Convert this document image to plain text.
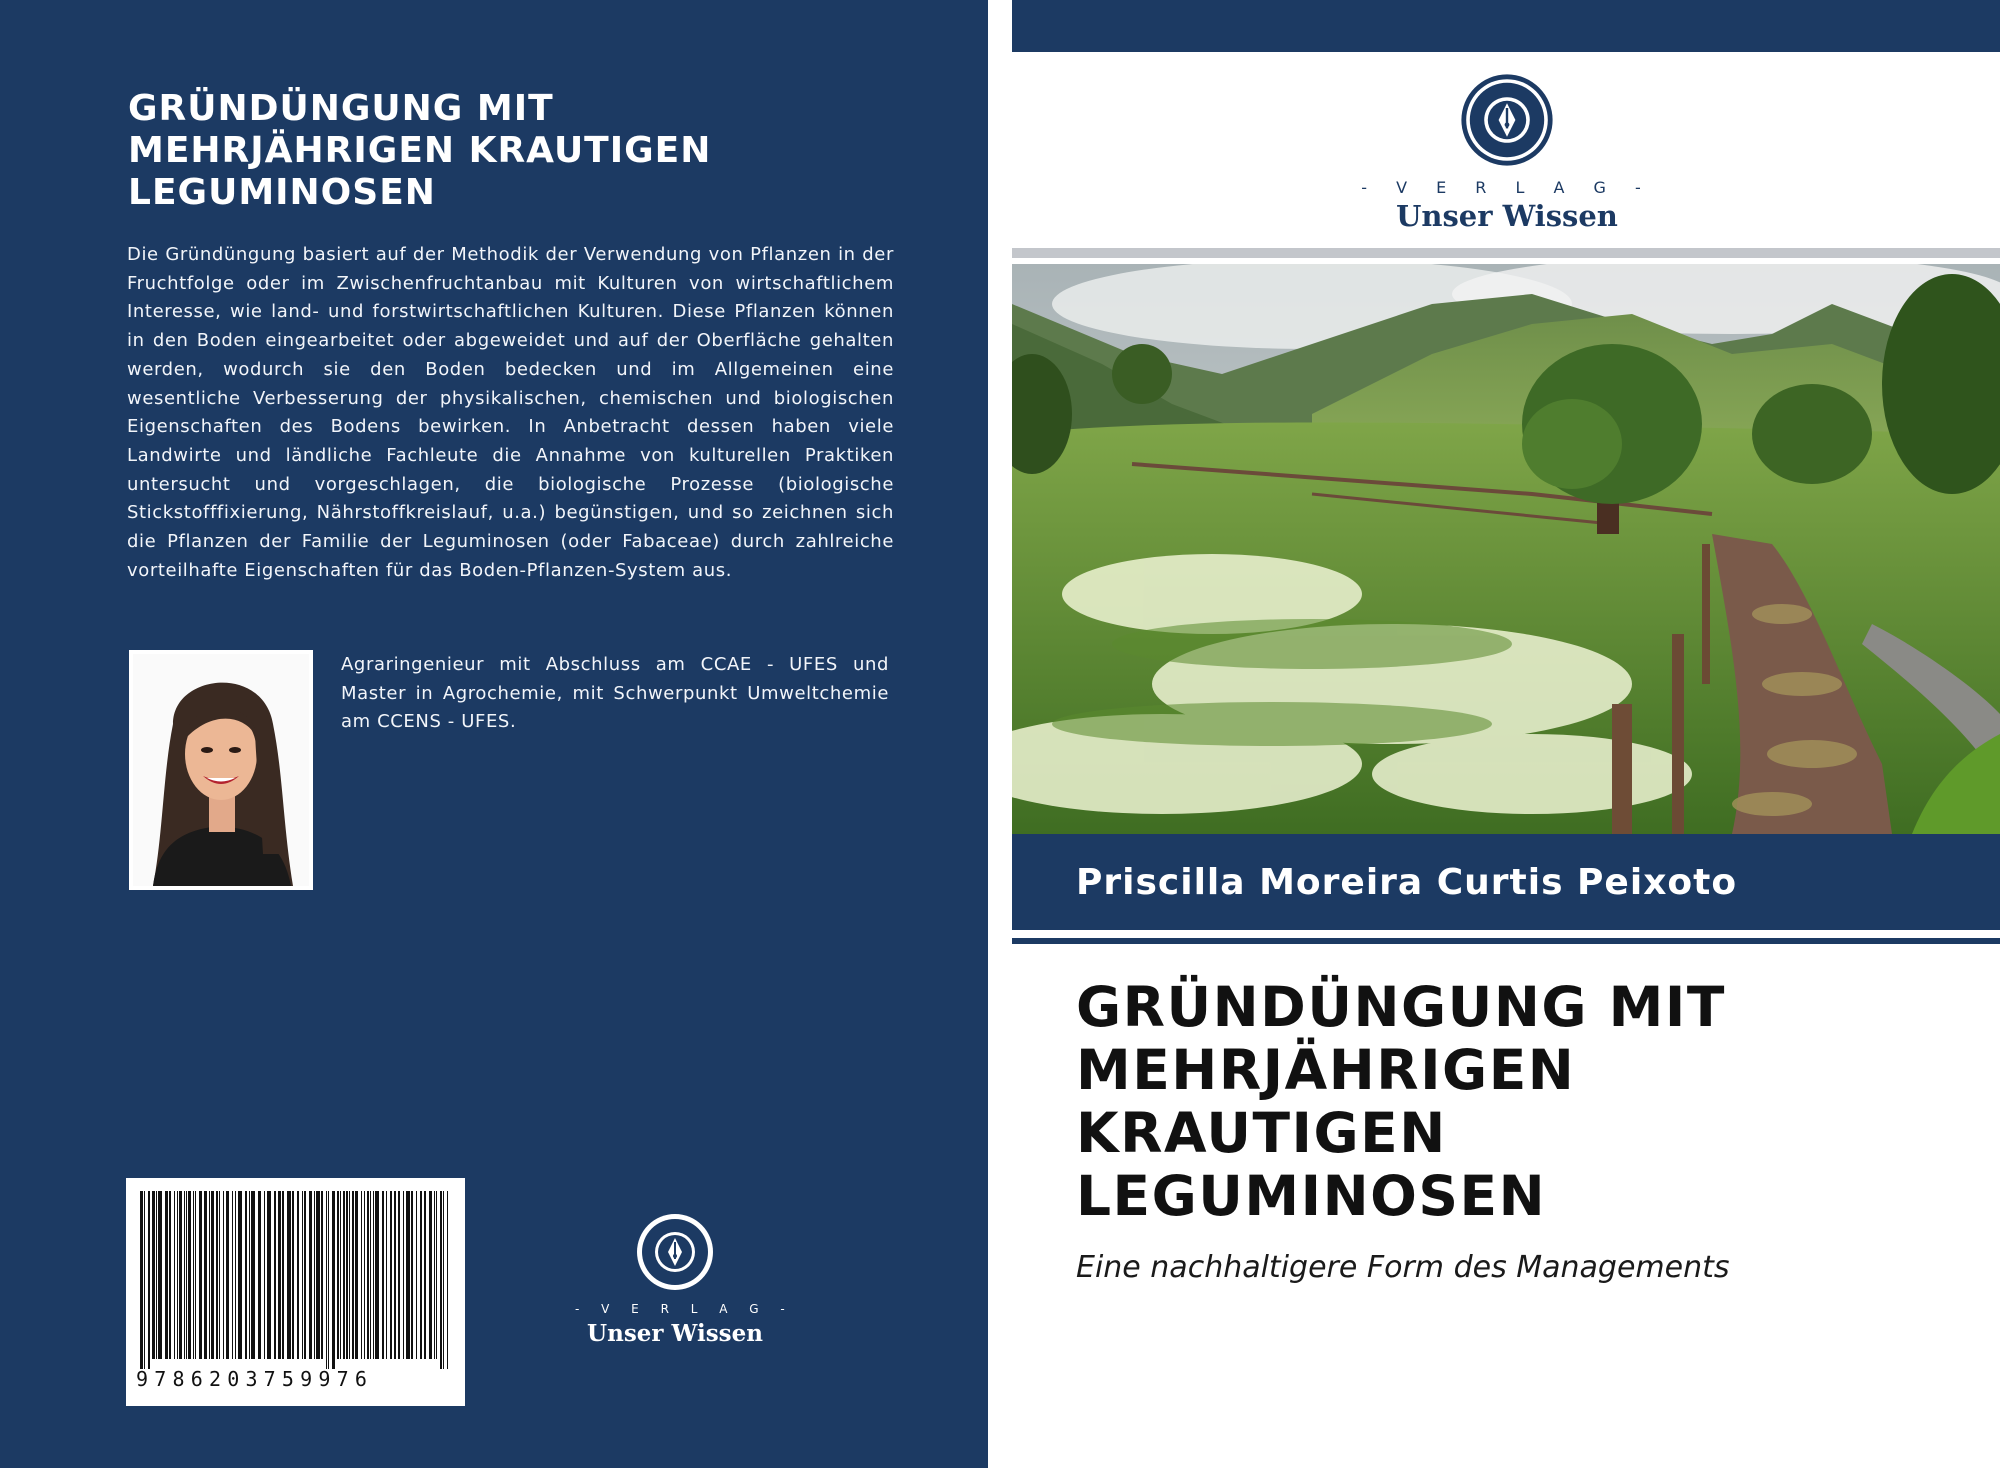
GRÜNDÜNGUNG MIT
MEHRJÄHRIGEN KRAUTIGEN
LEGUMINOSEN

Die Gründüngung basiert auf der Methodik der Verwendung von Pflanzen in der Fruchtfolge oder im Zwischenfruchtanbau mit Kulturen von wirtschaftlichem Interesse, wie land- und forstwirtschaftlichen Kulturen. Diese Pflanzen können in den Boden eingearbeitet oder abgeweidet und auf der Oberfläche gehalten werden, wodurch sie den Boden bedecken und im Allgemeinen eine wesentliche Verbesserung der physikalischen, chemischen und biologischen Eigenschaften des Bodens bewirken. In Anbetracht dessen haben viele Landwirte und ländliche Fachleute die Annahme von kulturellen Praktiken untersucht und vorgeschlagen, die biologische Prozesse (biologische Stickstofffixierung, Nährstoffkreislauf, u.a.) begünstigen, und so zeichnen sich die Pflanzen der Familie der Leguminosen (oder Fabaceae) durch zahlreiche vorteilhafte Eigenschaften für das Boden-Pflanzen-System aus.

Agraringenieur mit Abschluss am CCAE - UFES und Master in Agrochemie, mit Schwerpunkt Umweltchemie am CCENS - UFES.

9786203759976
- V E R L A G -
Unser Wissen
- V E R L A G -
Unser Wissen
Priscilla Moreira Curtis Peixoto
GRÜNDÜNGUNG MIT
MEHRJÄHRIGEN
KRAUTIGEN
LEGUMINOSEN
Eine nachhaltigere Form des Managements
